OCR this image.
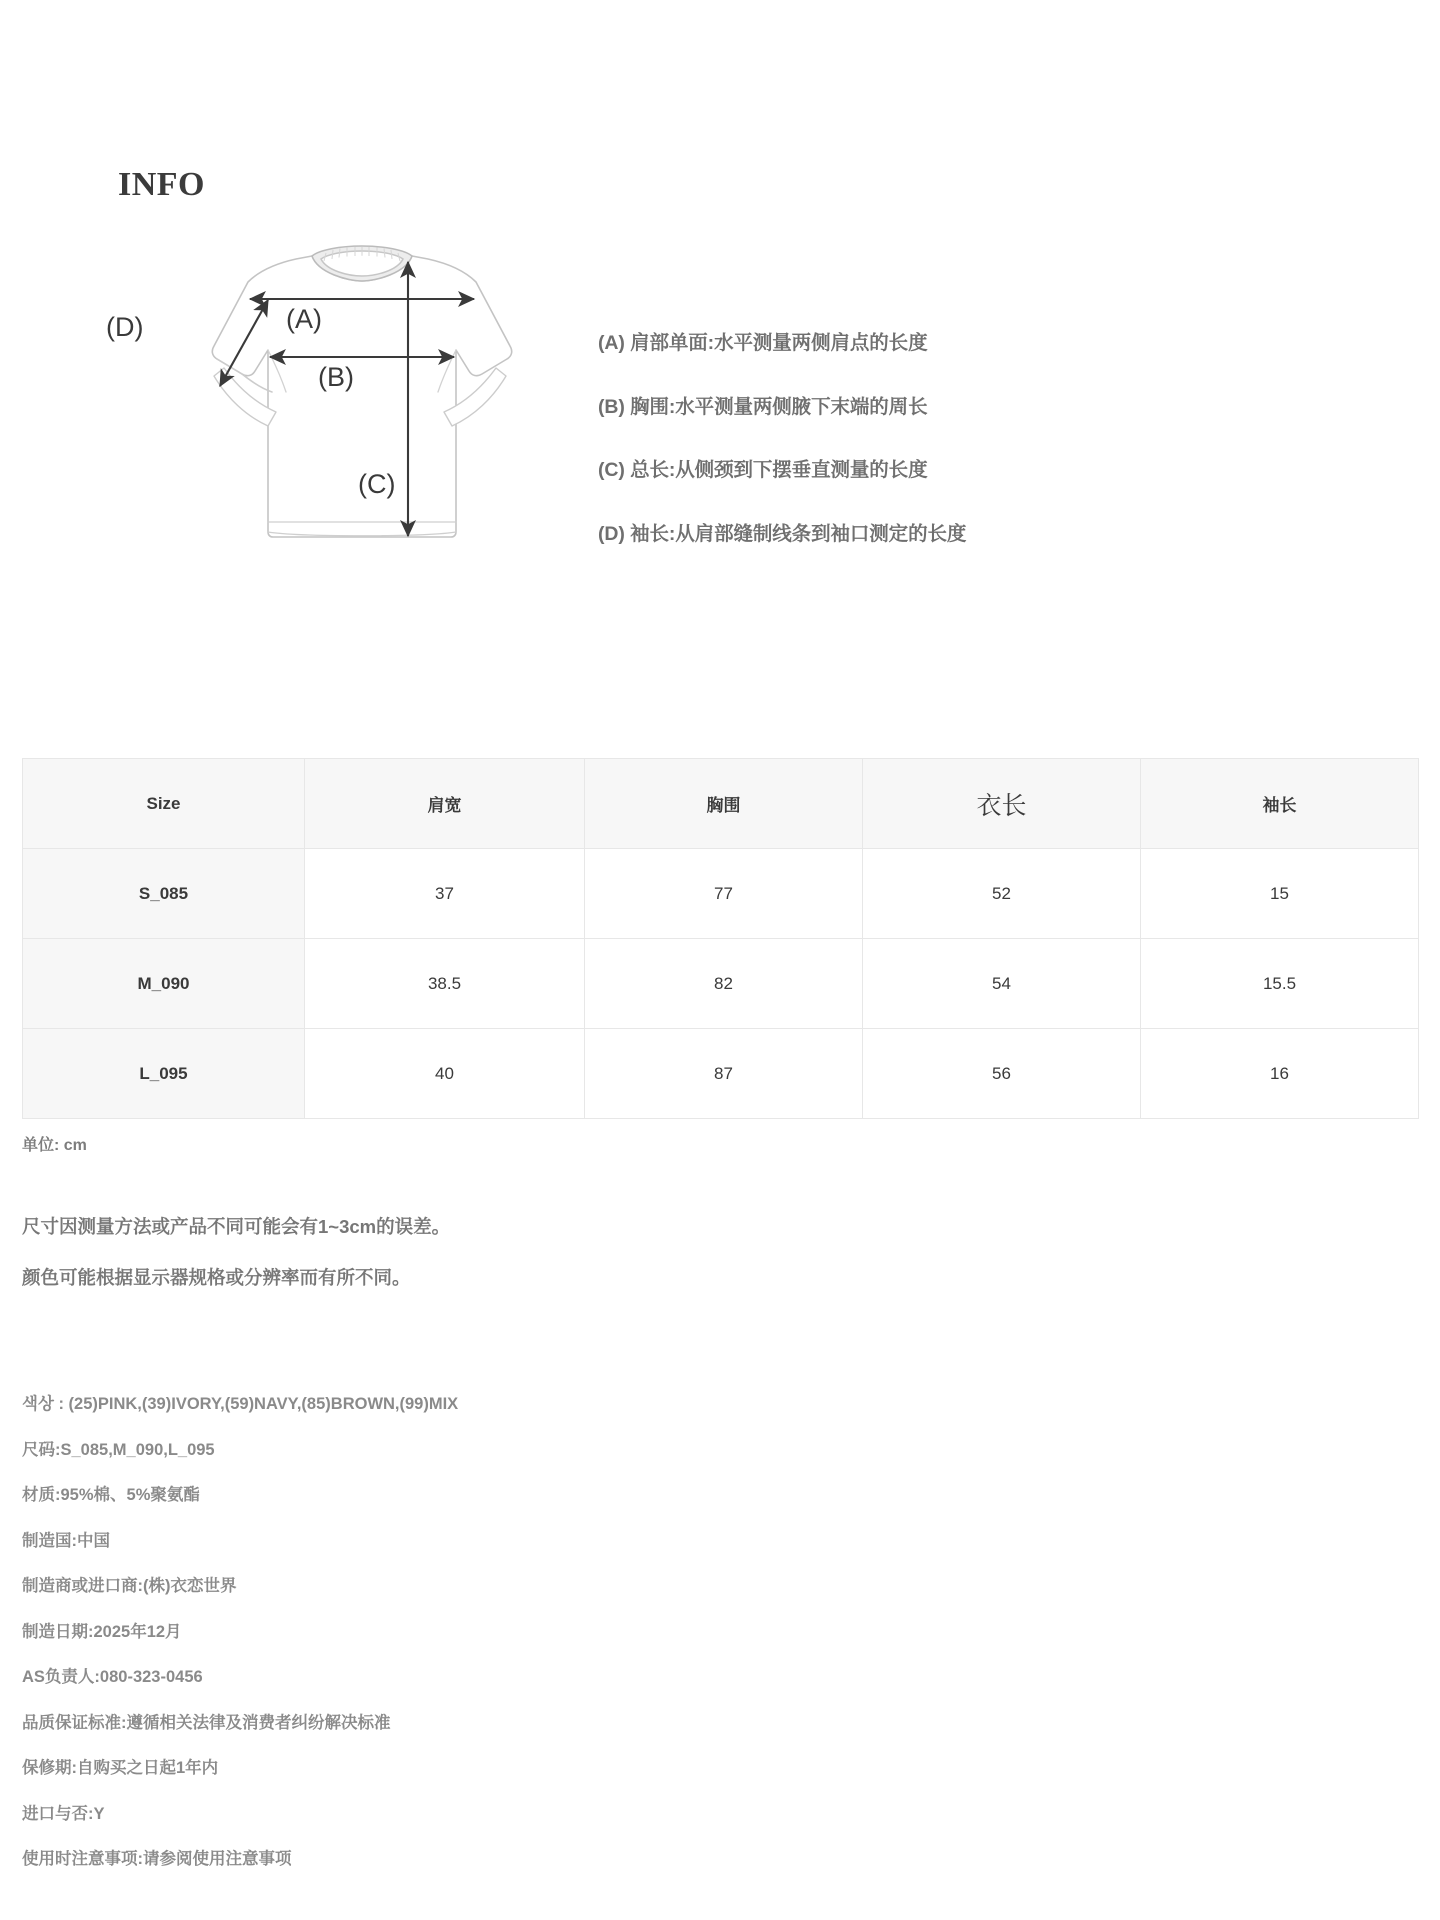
INFO
(A)
(B)
(C)
(D)
(A) 肩部单面:水平测量两侧肩点的长度
(B) 胸围:水平测量两侧腋下末端的周长
(C) 总长:从侧颈到下摆垂直测量的长度
(D) 袖长:从肩部缝制线条到袖口测定的长度
Size	肩宽	胸围	衣长	袖长
S_085	37	77	52	15
M_090	38.5	82	54	15.5
L_095	40	87	56	16
单位: cm
尺寸因测量方法或产品不同可能会有1~3cm的误差。
颜色可能根据显示器规格或分辨率而有所不同。
색상 : (25)PINK,(39)IVORY,(59)NAVY,(85)BROWN,(99)MIX
尺码:S_085,M_090,L_095
材质:95%棉、5%聚氨酯
制造国:中国
制造商或进口商:(株)衣恋世界
制造日期:2025年12月
AS负责人:080-323-0456
品质保证标准:遵循相关法律及消费者纠纷解决标准
保修期:自购买之日起1年内
进口与否:Y
使用时注意事项:请参阅使用注意事项
